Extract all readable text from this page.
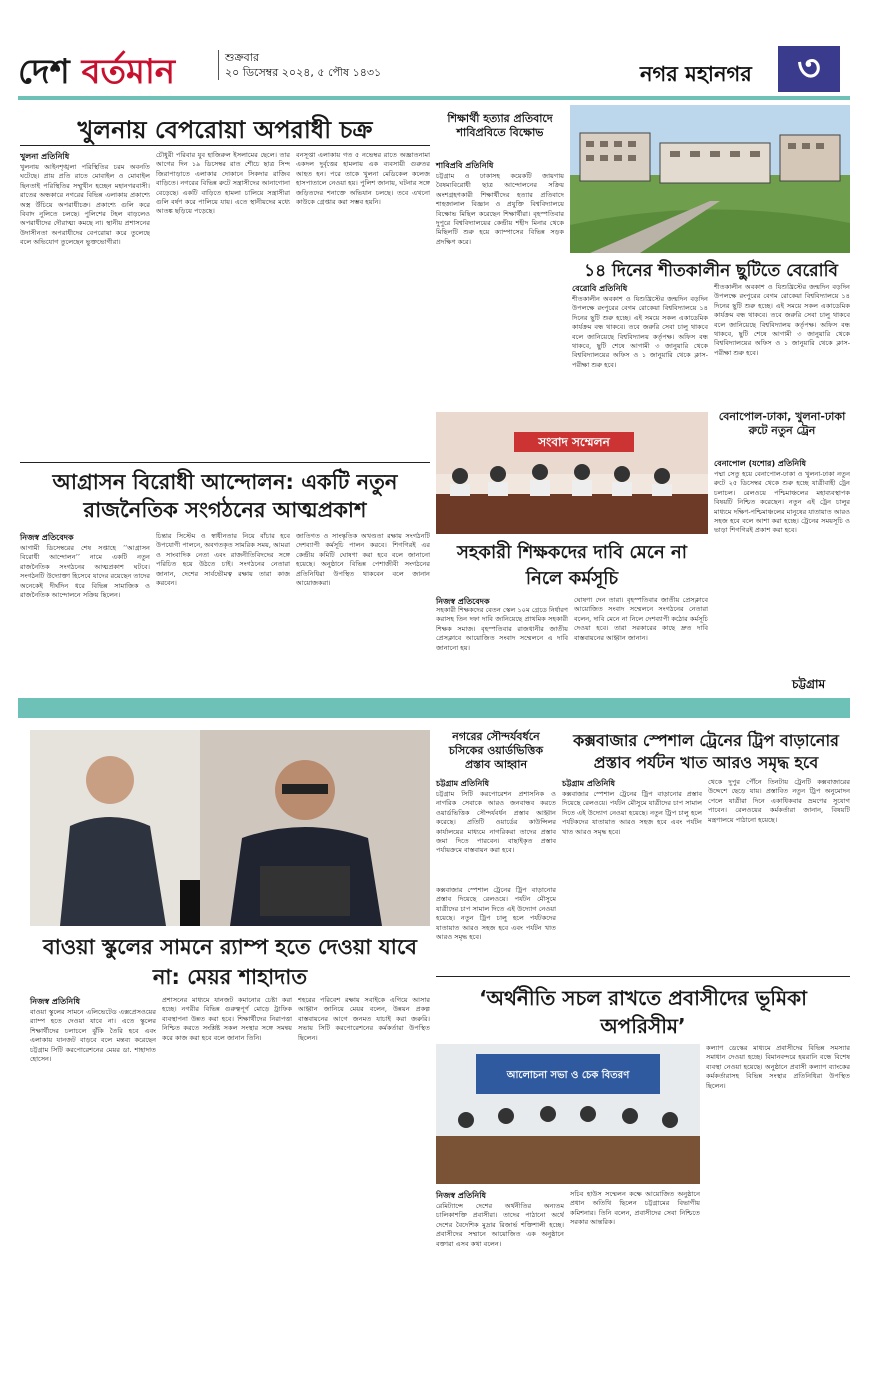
দেশ বর্তমান	শুক্রবার
২০ ডিসেম্বর ২০২৪, ৫ পৌষ ১৪৩১	নগর মহানগর	৩
খুলনায় বেপরোয়া অপরাধী চক্র
খুলনা প্রতিনিধি
খুলনায় আইনশৃঙ্খলা পরিস্থিতির চরম অবনতি ঘটেছে। প্রায় প্রতি রাতে মোবাইল ও মোবাইল ছিনতাই পরিস্থিতির সম্মুখীন হচ্ছেন মহানগরবাসী। রাতের অন্ধকারে নগরের বিভিন্ন এলাকায় প্রকাশ্যে অস্ত্র উঁচিয়ে অপরাধীচক্র। প্রকাশ্যে গুলি করে বিবাদ নুলিতে চলছে। পুলিশের টহল বাড়লেও অপরাধীদের দৌরাত্ম্য কমছে না। স্থানীয় প্রশাসনের উদাসীনতা অপরাধীদের বেপরোয়া করে তুলেছে বলে অভিযোগ তুলেছেন ভুক্তভোগীরা।
চৌধুরী পরিবার যুব হাজিরুল ইসলামের ছেলে। তার আগের দিন ১৯ ডিসেম্বর রাত শৌচে ছাত্র সিন্দ জিরাপাড়াতে এলাকার দোকানে সিকদার রাজিব বাড়িতে। নগরের বিভিন্ন রুটে সন্ত্রাসীদের আনাগোনা বেড়েছে। একটি বাড়িতে হামলা চালিয়ে সন্ত্রাসীরা গুলি বর্ষণ করে পালিয়ে যায়। এতে স্থানীয়দের মধ্যে আতঙ্ক ছড়িয়ে পড়েছে।
বনসূপ্তা এলাকায় গত ৫ নভেম্বর রাতে অজ্ঞাতনামা একদল দুর্বৃত্তের হামলায় এক ব্যবসায়ী গুরুতর আহত হন। পরে তাকে খুলনা মেডিকেল কলেজ হাসপাতালে নেওয়া হয়। পুলিশ জানায়, ঘটনার সঙ্গে জড়িতদের শনাক্তে অভিযান চলছে। তবে এখনো কাউকে গ্রেপ্তার করা সম্ভব হয়নি।
শিক্ষার্থী হত্যার প্রতিবাদে শাবিপ্রবিতে বিক্ষোভ
শাবিপ্রবি প্রতিনিধি
চট্টগ্রাম ও ঢাকাসহ কয়েকটি জায়গায় বৈষম্যবিরোধী ছাত্র আন্দোলনের সক্রিয় অংশগ্রহণকারী শিক্ষার্থীদের হত্যার প্রতিবাদে শাহজালাল বিজ্ঞান ও প্রযুক্তি বিশ্ববিদ্যালয়ে বিক্ষোভ মিছিল করেছেন শিক্ষার্থীরা। বৃহস্পতিবার দুপুরে বিশ্ববিদ্যালয়ের কেন্দ্রীয় শহীদ মিনার থেকে মিছিলটি শুরু হয়ে ক্যাম্পাসের বিভিন্ন সড়ক প্রদক্ষিণ করে।
১৪ দিনের শীতকালীন ছুটিতে বেরোবি
বেরোবি প্রতিনিধি
শীতকালীন অবকাশ ও যিশুখ্রিস্টের জন্মদিন বড়দিন উপলক্ষে রংপুরের বেগম রোকেয়া বিশ্ববিদ্যালয়ে ১৪ দিনের ছুটি শুরু হচ্ছে। এই সময়ে সকল একাডেমিক কার্যক্রম বন্ধ থাকবে। তবে জরুরি সেবা চালু থাকবে বলে জানিয়েছে বিশ্ববিদ্যালয় কর্তৃপক্ষ। অফিস বন্ধ থাকবে, ছুটি শেষে আগামী ৩ জানুয়ারি থেকে বিশ্ববিদ্যালয়ের অফিস ও ১ জানুয়ারি থেকে ক্লাস-পরীক্ষা শুরু হবে।
শীতকালীন অবকাশ ও যিশুখ্রিস্টের জন্মদিন বড়দিন উপলক্ষে রংপুরের বেগম রোকেয়া বিশ্ববিদ্যালয়ে ১৪ দিনের ছুটি শুরু হচ্ছে। এই সময়ে সকল একাডেমিক কার্যক্রম বন্ধ থাকবে। তবে জরুরি সেবা চালু থাকবে বলে জানিয়েছে বিশ্ববিদ্যালয় কর্তৃপক্ষ। অফিস বন্ধ থাকবে, ছুটি শেষে আগামী ৩ জানুয়ারি থেকে বিশ্ববিদ্যালয়ের অফিস ও ১ জানুয়ারি থেকে ক্লাস-পরীক্ষা শুরু হবে।
বেনাপোল-ঢাকা, খুলনা-ঢাকা রুটে নতুন ট্রেন
বেনাপোল (যশোর) প্রতিনিধি
পদ্মা সেতু হয়ে বেনাপোল-ঢাকা ও খুলনা-ঢাকা নতুন রুটে ২৫ ডিসেম্বর থেকে শুরু হচ্ছে যাত্রীবাহী ট্রেন চলাচল। রেলওয়ে পশ্চিমাঞ্চলের মহাব্যবস্থাপক বিষয়টি নিশ্চিত করেছেন। নতুন এই ট্রেন চালুর মাধ্যমে দক্ষিণ-পশ্চিমাঞ্চলের মানুষের যাতায়াত আরও সহজ হবে বলে আশা করা হচ্ছে। ট্রেনের সময়সূচি ও ভাড়া শিগগিরই প্রকাশ করা হবে।
আগ্রাসন বিরোধী আন্দোলন: একটি নতুন রাজনৈতিক সংগঠনের আত্মপ্রকাশ
নিজস্ব প্রতিবেদক
আগামী ডিসেম্বরের শেষ সপ্তাহে ‘‘আগ্রাসন বিরোধী আন্দোলন’’ নামে একটি নতুন রাজনৈতিক সংগঠনের আত্মপ্রকাশ ঘটবে। সংগঠনটি উদ্যোক্তা হিসেবে যাদের রয়েছেন তাদের অনেকেই দীর্ঘদিন ধরে বিভিন্ন সামাজিক ও রাজনৈতিক আন্দোলনে সক্রিয় ছিলেন।
চিন্তার সিস্টেম ও স্বাধীনতার নিয়ে বাঁচার হবে উপযোগী পালনে, অবগতকৃত সামরিক সময়, আমরা ও সাংবাদিক নেতা এবং রাজনীতিবিদদের সঙ্গে পরিচিত হয়ে উঠতে চাই। সংগঠনের নেতারা জানান, দেশের সার্বভৌমত্ব রক্ষায় তারা কাজ করবেন।
জাতিগত ও সাংস্কৃতিক অখণ্ডতা রক্ষায় সংগঠনটি দেশব্যাপী কর্মসূচি পালন করবে। শিগগিরই এর কেন্দ্রীয় কমিটি ঘোষণা করা হবে বলে জানানো হয়েছে। অনুষ্ঠানে বিভিন্ন পেশাজীবী সংগঠনের প্রতিনিধিরা উপস্থিত থাকবেন বলে জানান আয়োজকরা।
সংবাদ সম্মেলন
সহকারী শিক্ষকদের দাবি মেনে না নিলে কর্মসূচি
নিজস্ব প্রতিবেদক
সহকারী শিক্ষকদের বেতন স্কেল ১০ম গ্রেডে নির্ধারণ করাসহ তিন দফা দাবি জানিয়েছে প্রাথমিক সহকারী শিক্ষক সমাজ। বৃহস্পতিবার রাজধানীর জাতীয় প্রেসক্লাবে আয়োজিত সংবাদ সম্মেলনে এ দাবি জানানো হয়।
ঘোষণা দেন তারা। বৃহস্পতিবার জাতীয় প্রেসক্লাবে আয়োজিত সংবাদ সম্মেলনে সংগঠনের নেতারা বলেন, দাবি মেনে না নিলে দেশব্যাপী কঠোর কর্মসূচি দেওয়া হবে। তারা সরকারের কাছে দ্রুত দাবি বাস্তবায়নের আহ্বান জানান।
চট্টগ্রাম
বাওয়া স্কুলের সামনে র‍্যাম্প হতে দেওয়া যাবে না: মেয়র শাহাদাত
নিজস্ব প্রতিনিধি
বাওয়া স্কুলের সামনে এলিভেটেড এক্সপ্রেসওয়ের র‍্যাম্প হতে দেওয়া যাবে না। এতে স্কুলের শিক্ষার্থীদের চলাচলে ঝুঁকি তৈরি হবে এবং এলাকায় যানজট বাড়বে বলে মন্তব্য করেছেন চট্টগ্রাম সিটি করপোরেশনের মেয়র ডা. শাহাদাত হোসেন।
প্রশাসনের মাধ্যমে যানজট কমানোর চেষ্টা করা হচ্ছে। নগরীর বিভিন্ন গুরুত্বপূর্ণ মোড়ে ট্রাফিক ব্যবস্থাপনা উন্নত করা হবে। শিক্ষার্থীদের নিরাপত্তা নিশ্চিত করতে সংশ্লিষ্ট সকল সংস্থার সঙ্গে সমন্বয় করে কাজ করা হবে বলে জানান তিনি।
শহরের পরিবেশ রক্ষায় সবাইকে এগিয়ে আসার আহ্বান জানিয়ে মেয়র বলেন, উন্নয়ন প্রকল্প বাস্তবায়নের আগে জনমত যাচাই করা জরুরি। সভায় সিটি করপোরেশনের কর্মকর্তারা উপস্থিত ছিলেন।
নগরের সৌন্দর্যবর্ধনে চসিকের ওয়ার্ডভিত্তিক প্রস্তাব আহ্বান
চট্টগ্রাম প্রতিনিধি
চট্টগ্রাম সিটি করপোরেশন প্রশাসনিক ও নাগরিক সেবাকে আরও জনবান্ধব করতে ওয়ার্ডভিত্তিক সৌন্দর্যবর্ধন প্রস্তাব আহ্বান করেছে। প্রতিটি ওয়ার্ডের কাউন্সিলর কার্যালয়ের মাধ্যমে নাগরিকরা তাদের প্রস্তাব জমা দিতে পারবেন। বাছাইকৃত প্রস্তাব পর্যায়ক্রমে বাস্তবায়ন করা হবে।
কক্সবাজার স্পেশাল ট্রেনের ট্রিপ বাড়ানোর প্রস্তাব পর্যটন খাত আরও সমৃদ্ধ হবে
চট্টগ্রাম প্রতিনিধি
কক্সবাজার স্পেশাল ট্রেনের ট্রিপ বাড়ানোর প্রস্তাব দিয়েছে রেলওয়ে। পর্যটন মৌসুমে যাত্রীদের চাপ সামাল দিতে এই উদ্যোগ নেওয়া হয়েছে। নতুন ট্রিপ চালু হলে পর্যটকদের যাতায়াত আরও সহজ হবে এবং পর্যটন খাত আরও সমৃদ্ধ হবে।
থেকে দুপুর পৌঁনে তিনটায় ট্রেনটি কক্সবাজারের উদ্দেশে ছেড়ে যায়। প্রস্তাবিত নতুন ট্রিপ অনুমোদন পেলে যাত্রীরা দিনে একাধিকবার ভ্রমণের সুযোগ পাবেন। রেলওয়ের কর্মকর্তারা জানান, বিষয়টি মন্ত্রণালয়ে পাঠানো হয়েছে।
কক্সবাজার স্পেশাল ট্রেনের ট্রিপ বাড়ানোর প্রস্তাব দিয়েছে রেলওয়ে। পর্যটন মৌসুমে যাত্রীদের চাপ সামাল দিতে এই উদ্যোগ নেওয়া হয়েছে। নতুন ট্রিপ চালু হলে পর্যটকদের যাতায়াত আরও সহজ হবে এবং পর্যটন খাত আরও সমৃদ্ধ হবে।
‘অর্থনীতি সচল রাখতে প্রবাসীদের ভূমিকা অপরিসীম’
আলোচনা সভা ও চেক বিতরণ
নিজস্ব প্রতিনিধি
রেমিট্যান্সে দেশের অর্থনীতির অন্যতম চালিকাশক্তি প্রবাসীরা। তাদের পাঠানো অর্থে দেশের বৈদেশিক মুদ্রার রিজার্ভ শক্তিশালী হচ্ছে। প্রবাসীদের সম্মানে আয়োজিত এক অনুষ্ঠানে বক্তারা এসব কথা বলেন।
সচিব হাউস সম্মেলন কক্ষে আয়োজিত অনুষ্ঠানে প্রধান অতিথি ছিলেন চট্টগ্রামের বিভাগীয় কমিশনার। তিনি বলেন, প্রবাসীদের সেবা নিশ্চিতে সরকার আন্তরিক।
কল্যাণ ডেস্কের মাধ্যমে প্রবাসীদের বিভিন্ন সমস্যার সমাধান দেওয়া হচ্ছে। বিমানবন্দরে হয়রানি বন্ধে বিশেষ ব্যবস্থা নেওয়া হয়েছে। অনুষ্ঠানে প্রবাসী কল্যাণ ব্যাংকের কর্মকর্তারাসহ বিভিন্ন সংস্থার প্রতিনিধিরা উপস্থিত ছিলেন।
